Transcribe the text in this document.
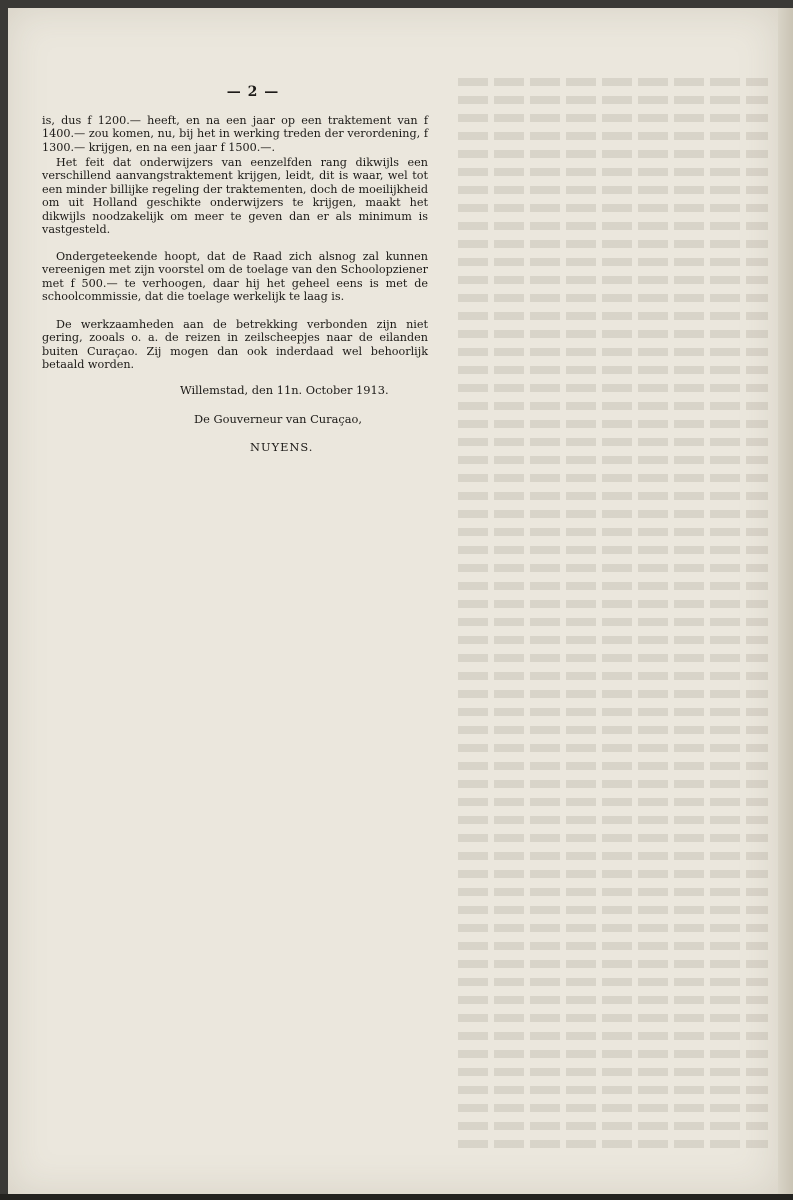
— 2 —

is, dus f 1200.— heeft, en na een jaar op een traktement van f 1400.— zou komen, nu, bij het in werking treden der verordening, f 1300.— krijgen, en na een jaar f 1500.—.

Het feit dat onderwijzers van eenzelfden rang dikwijls een verschillend aanvangstraktement krijgen, leidt, dit is waar, wel tot een minder billijke regeling der traktementen, doch de moeilijkheid om uit Holland geschikte onderwijzers te krijgen, maakt het dikwijls noodzakelijk om meer te geven dan er als minimum is vastgesteld.

Ondergeteekende hoopt, dat de Raad zich alsnog zal kunnen vereenigen met zijn voorstel om de toelage van den Schoolopziener met f 500.— te verhoogen, daar hij het geheel eens is met de schoolcommissie, dat die toelage werkelijk te laag is.

De werkzaamheden aan de betrekking verbonden zijn niet gering, zooals o. a. de reizen in zeilscheepjes naar de eilanden buiten Curaçao. Zij mogen dan ook inderdaad wel behoorlijk betaald worden.

Willemstad, den 11n. October 1913.
De Gouverneur van Curaçao,
NUYENS.
